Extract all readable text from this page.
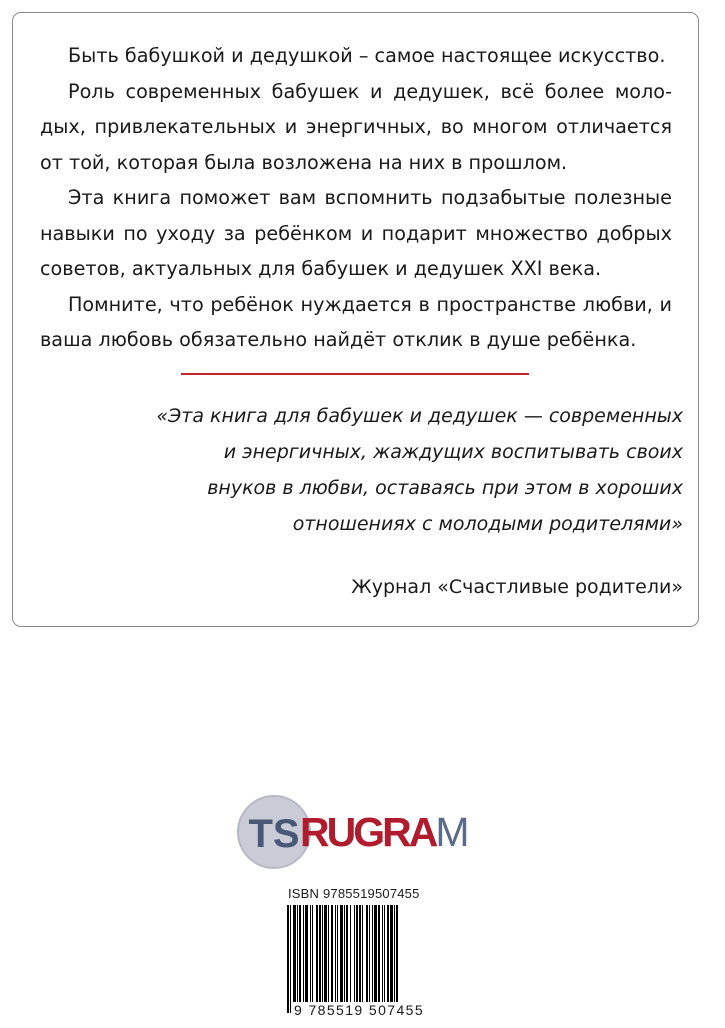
Быть бабушкой и дедушкой – самое настоящее искусство.

Роль современных бабушек и дедушек, всё более молодых, привлекательных и энергичных, во многом отличается от той, которая была возложена на них в прошлом.

Эта книга поможет вам вспомнить подзабытые полезные навыки по уходу за ребёнком и подарит множество добрых советов, актуальных для бабушек и дедушек XXI века.

Помните, что ребёнок нуждается в пространстве любви, и ваша любовь обязательно найдёт отклик в душе ребёнка.

«Эта книга для бабушек и дедушек — современных
и энергичных, жаждущих воспитывать своих
внуков в любви, оставаясь при этом в хороших
отношениях с молодыми родителями»
Журнал «Счастливые родители»
TS RUGRAM
ISBN 9785519507455
9 785519 507455
